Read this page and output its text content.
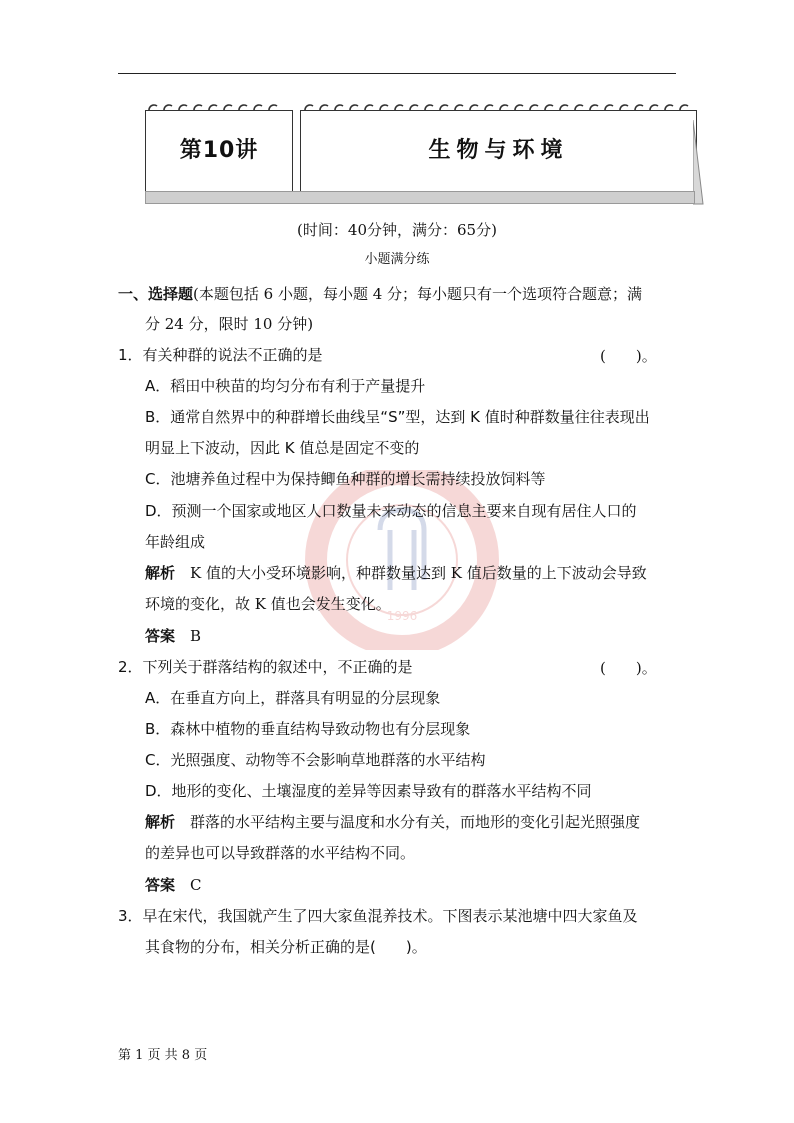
第10讲	生物与环境
(时间：40分钟，满分：65分)
小题满分练
1996
一、选择题(本题包括 6 小题，每小题 4 分；每小题只有一个选项符合题意；满
分 24 分，限时 10 分钟)
1．有关种群的说法不正确的是	(　　)。
A．稻田中秧苗的均匀分布有利于产量提升
B．通常自然界中的种群增长曲线呈“S”型，达到 K 值时种群数量往往表现出
明显上下波动，因此 K 值总是固定不变的
C．池塘养鱼过程中为保持鲫鱼种群的增长需持续投放饲料等
D．预测一个国家或地区人口数量未来动态的信息主要来自现有居住人口的
年龄组成
解析　 K 值的大小受环境影响，种群数量达到 K 值后数量的上下波动会导致
环境的变化，故 K 值也会发生变化。
答案　 B
2．下列关于群落结构的叙述中，不正确的是	(　　)。
A．在垂直方向上，群落具有明显的分层现象
B．森林中植物的垂直结构导致动物也有分层现象
C．光照强度、动物等不会影响草地群落的水平结构
D．地形的变化、土壤湿度的差异等因素导致有的群落水平结构不同
解析　 群落的水平结构主要与温度和水分有关，而地形的变化引起光照强度
的差异也可以导致群落的水平结构不同。
答案　 C
3．早在宋代，我国就产生了四大家鱼混养技术。下图表示某池塘中四大家鱼及
其食物的分布，相关分析正确的是(　　)。
第 1 页 共 8 页
